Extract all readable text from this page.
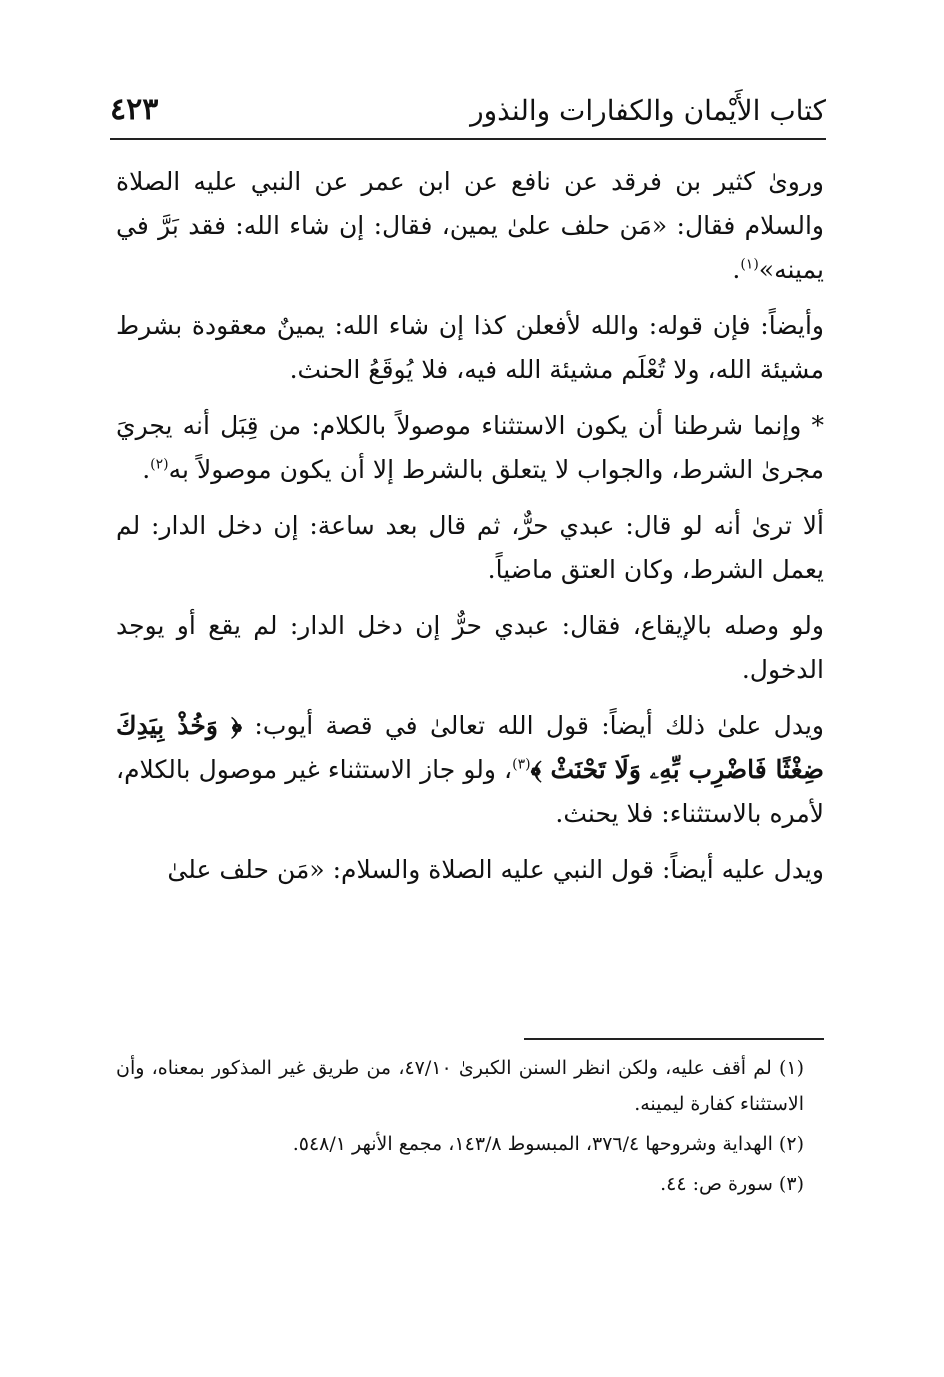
كتاب الأَيْمان والكفارات والنذور
٤٢٣

وروىٰ كثير بن فرقد عن نافع عن ابن عمر عن النبي عليه الصلاة والسلام فقال: «مَن حلف علىٰ يمين، فقال: إن شاء الله: فقد بَرَّ في يمينه»$^{(١)}$.

وأيضاً: فإن قوله: والله لأفعلن كذا إن شاء الله: يمينٌ معقودة بشرط مشيئة الله، ولا تُعْلَم مشيئة الله فيه، فلا يُوقَعُ الحنث.

* وإنما شرطنا أن يكون الاستثناء موصولاً بالكلام: من قِبَل أنه يجريَ مجرىٰ الشرط، والجواب لا يتعلق بالشرط إلا أن يكون موصولاً به$^{(٢)}$.

ألا ترىٰ أنه لو قال: عبدي حرٌّ، ثم قال بعد ساعة: إن دخل الدار: لم يعمل الشرط، وكان العتق ماضياً.

ولو وصله بالإيقاع، فقال: عبدي حرٌّ إن دخل الدار: لم يقع أو يوجد الدخول.

ويدل علىٰ ذلك أيضاً: قول الله تعالىٰ في قصة أيوب: ﴿ وَخُذْ بِيَدِكَ ضِغْثًا فَاضْرِب بِّهِۦ وَلَا تَحْنَثْ ﴾$^{(٣)}$، ولو جاز الاستثناء غير موصول بالكلام، لأمره بالاستثناء: فلا يحنث.

ويدل عليه أيضاً: قول النبي عليه الصلاة والسلام: «مَن حلف علىٰ

(١) لم أقف عليه، ولكن انظر السنن الكبرىٰ ٤٧/١٠، من طريق غير المذكور بمعناه، وأن الاستثناء كفارة ليمينه.

(٢) الهداية وشروحها ٣٧٦/٤، المبسوط ١٤٣/٨، مجمع الأنهر ٥٤٨/١.

(٣) سورة ص: ٤٤.
